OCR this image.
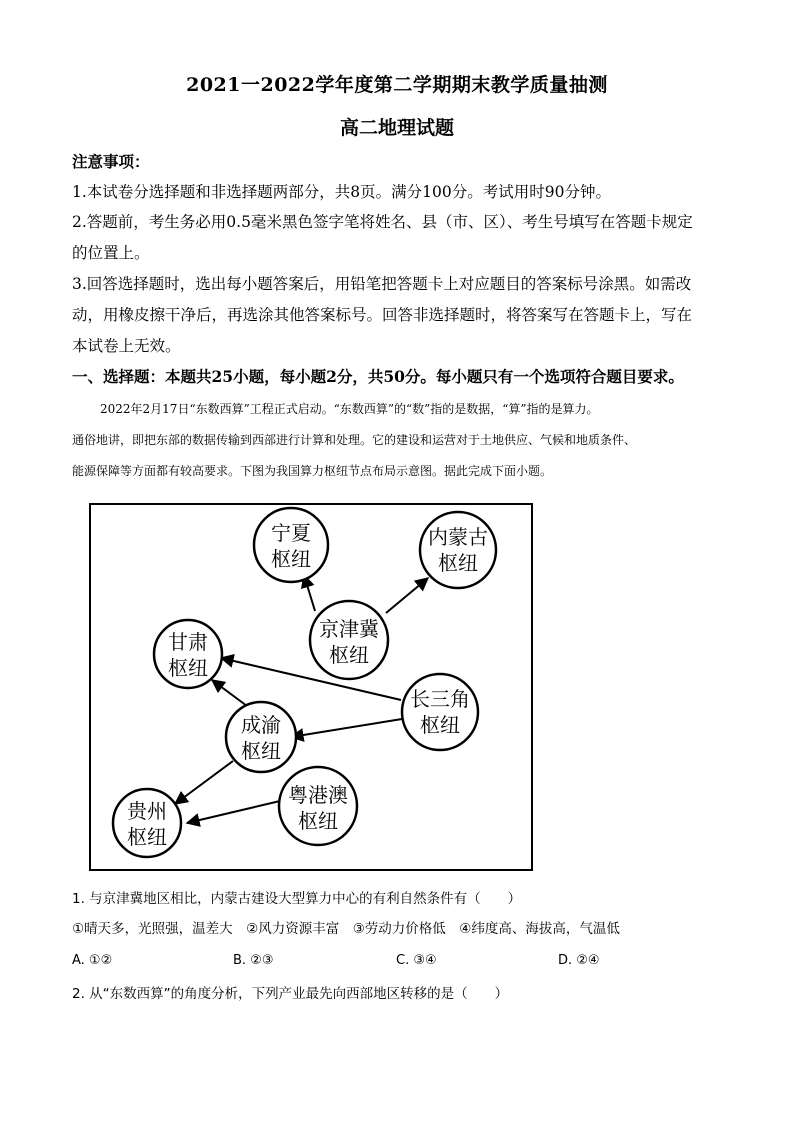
2021一2022学年度第二学期期末教学质量抽测
高二地理试题
注意事项：
1.本试卷分选择题和非选择题两部分，共8页。满分100分。考试用时90分钟。
2.答题前，考生务必用0.5毫米黑色签字笔将姓名、县（市、区）、考生号填写在答题卡规定
的位置上。
3.回答选择题时，选出每小题答案后，用铅笔把答题卡上对应题目的答案标号涂黑。如需改
动，用橡皮擦干净后，再选涂其他答案标号。回答非选择题时，将答案写在答题卡上，写在
本试卷上无效。
一、选择题：本题共25小题，每小题2分，共50分。每小题只有一个选项符合题目要求。
2022年2月17日“东数西算”工程正式启动。“东数西算”的“数”指的是数据，“算”指的是算力。
通俗地讲，即把东部的数据传输到西部进行计算和处理。它的建设和运营对于土地供应、气候和地质条件、
能源保障等方面都有较高要求。下图为我国算力枢纽节点布局示意图。据此完成下面小题。
宁夏
枢纽
内蒙古
枢纽
京津冀
枢纽
甘肃
枢纽
长三角
枢纽
成渝
枢纽
粤港澳
枢纽
贵州
枢纽
1. 与京津冀地区相比，内蒙古建设大型算力中心的有利自然条件有（　　）
①晴天多，光照强，温差大　②风力资源丰富　③劳动力价格低　④纬度高、海拔高，气温低
A. ①②	B. ②③	C. ③④	D. ②④
2. 从“东数西算”的角度分析，下列产业最先向西部地区转移的是（　　）
